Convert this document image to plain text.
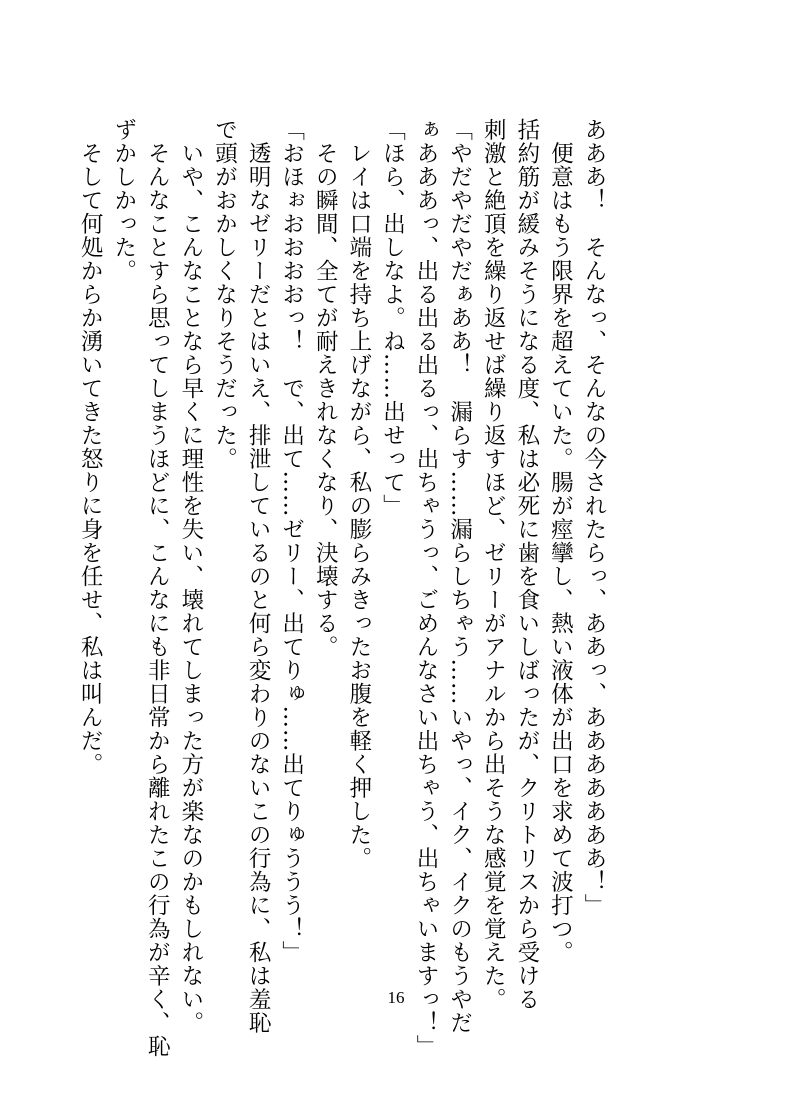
あああ！　そんなっ、そんなの今されたらっ、ああっ、あああああああ！」
　便意はもう限界を超えていた。腸が痙攣し、熱い液体が出口を求めて波打つ。
括約筋が緩みそうになる度、私は必死に歯を食いしばったが、クリトリスから受ける
刺激と絶頂を繰り返せば繰り返すほど、ゼリーがアナルから出そうな感覚を覚えた。
「やだやだやだぁああ！　漏らす……漏らしちゃう……いやっ、イク、イクのもうやだ
ぁあああっ、出る出る出るっ、出ちゃうっ、ごめんなさい出ちゃう、出ちゃいますっ！」
「ほら、出しなよ。ね……出せって」
　レイは口端を持ち上げながら、私の膨らみきったお腹を軽く押した。
　その瞬間、全てが耐えきれなくなり、決壊する。
「おほぉおおおおっ！　で、出て……ゼリー、出てりゅ……出てりゅううう！」
　透明なゼリーだとはいえ、排泄しているのと何ら変わりのないこの行為に、私は羞恥
で頭がおかしくなりそうだった。
　いや、こんなことなら早くに理性を失い、壊れてしまった方が楽なのかもしれない。
　そんなことすら思ってしまうほどに、こんなにも非日常から離れたこの行為が辛く、恥
ずかしかった。
　そして何処からか湧いてきた怒りに身を任せ、私は叫んだ。
16
